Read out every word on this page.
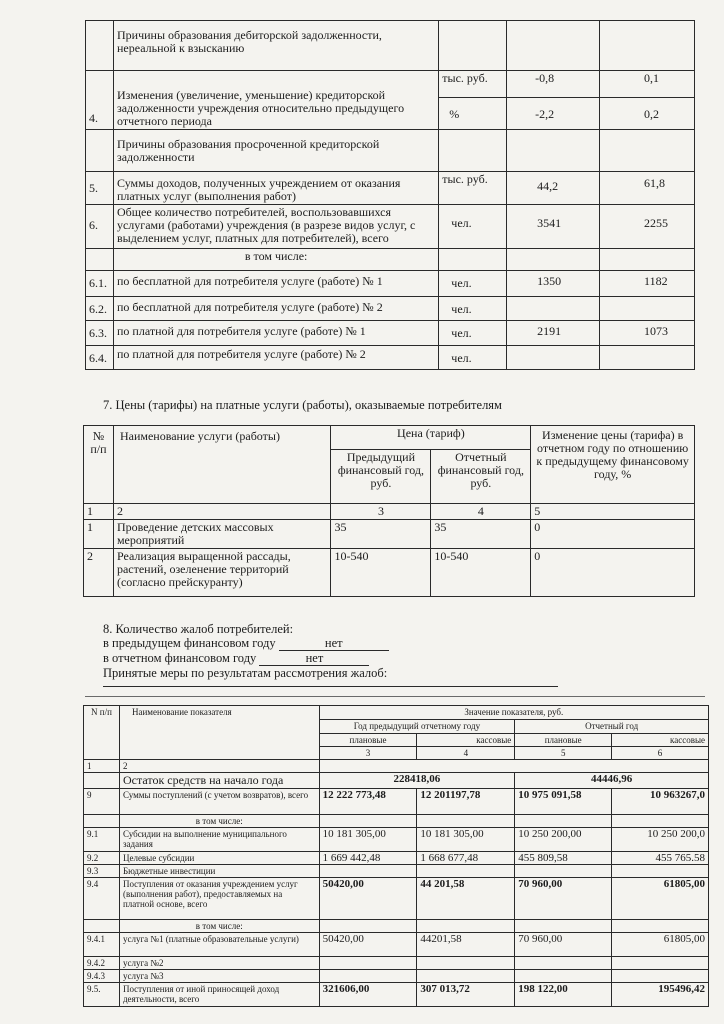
	Причины образования дебиторской задолженности, нереальной к взысканию			
4.	Изменения (увеличение, уменьшение) кредиторской задолженности учреждения относительно предыдущего отчетного периода	тыс. руб.	-0,8	0,1
		%	-2,2	0,2
	Причины образования просроченной кредиторской задолженности			
5.	Суммы доходов, полученных учреждением от оказания платных услуг (выполнения работ)	тыс. руб.	44,2	61,8
6.	Общее количество потребителей, воспользовавшихся услугами (работами) учреждения (в разрезе видов услуг, с выделением услуг, платных для потребителей), всего	чел.	3541	2255
	в том числе:			
6.1.	по бесплатной для потребителя услуге (работе) № 1	чел.	1350	1182
6.2.	по бесплатной для потребителя услуге (работе) № 2	чел.		
6.3.	по платной для потребителя услуге (работе) № 1	чел.	2191	1073
6.4.	по платной для потребителя услуге (работе) № 2	чел.		
7. Цены (тарифы) на платные услуги (работы), оказываемые потребителям
№ п/п	Наименование услуги (работы)	Цена (тариф)		Изменение цены (тарифа) в отчетном году по отношению к предыдущему финансовому году, %
		Предыдущий финансовый год, руб.	Отчетный финансовый год, руб.	
1	2	3	4	5
1	Проведение детских массовых мероприятий	35	35	0
2	Реализация выращенной рассады, растений, озеленение территорий (согласно прейскуранту)	10-540	10-540	0
8. Количество жалоб потребителей:
в предыдущем финансовом году	нет
в отчетном финансовом году	нет
Принятые меры по результатам рассмотрения жалоб:
N п/п	Наименование показателя	Значение показателя, руб.			
		Год предыдущий отчетному году		Отчетный год	
		плановые	кассовые	плановые	кассовые
		3	4	5	6
1	2				
	Остаток средств на начало года	228418,06		44446,96	
9	Суммы поступлений (с учетом возвратов), всего	12 222 773,48	12 201197,78	10 975 091,58	10 963267,0
	в том числе:				
9.1	Субсидии на выполнение муниципального задания	10 181 305,00	10 181 305,00	10 250 200,00	10 250 200,0
9.2	Целевые субсидии	1 669 442,48	1 668 677,48	455 809,58	455 765.58
9.3	Бюджетные инвестиции				
9.4	Поступления от оказания учреждением услуг (выполнения работ), предоставляемых на платной основе, всего	50420,00	44 201,58	70 960,00	61805,00
	в том числе:				
9.4.1	услуга №1 (платные образовательные услуги)	50420,00	44201,58	70 960,00	61805,00
9.4.2	услуга №2				
9.4.3	услуга №3				
9.5.	Поступления от иной приносящей доход деятельности, всего	321606,00	307 013,72	198 122,00	195496,42
